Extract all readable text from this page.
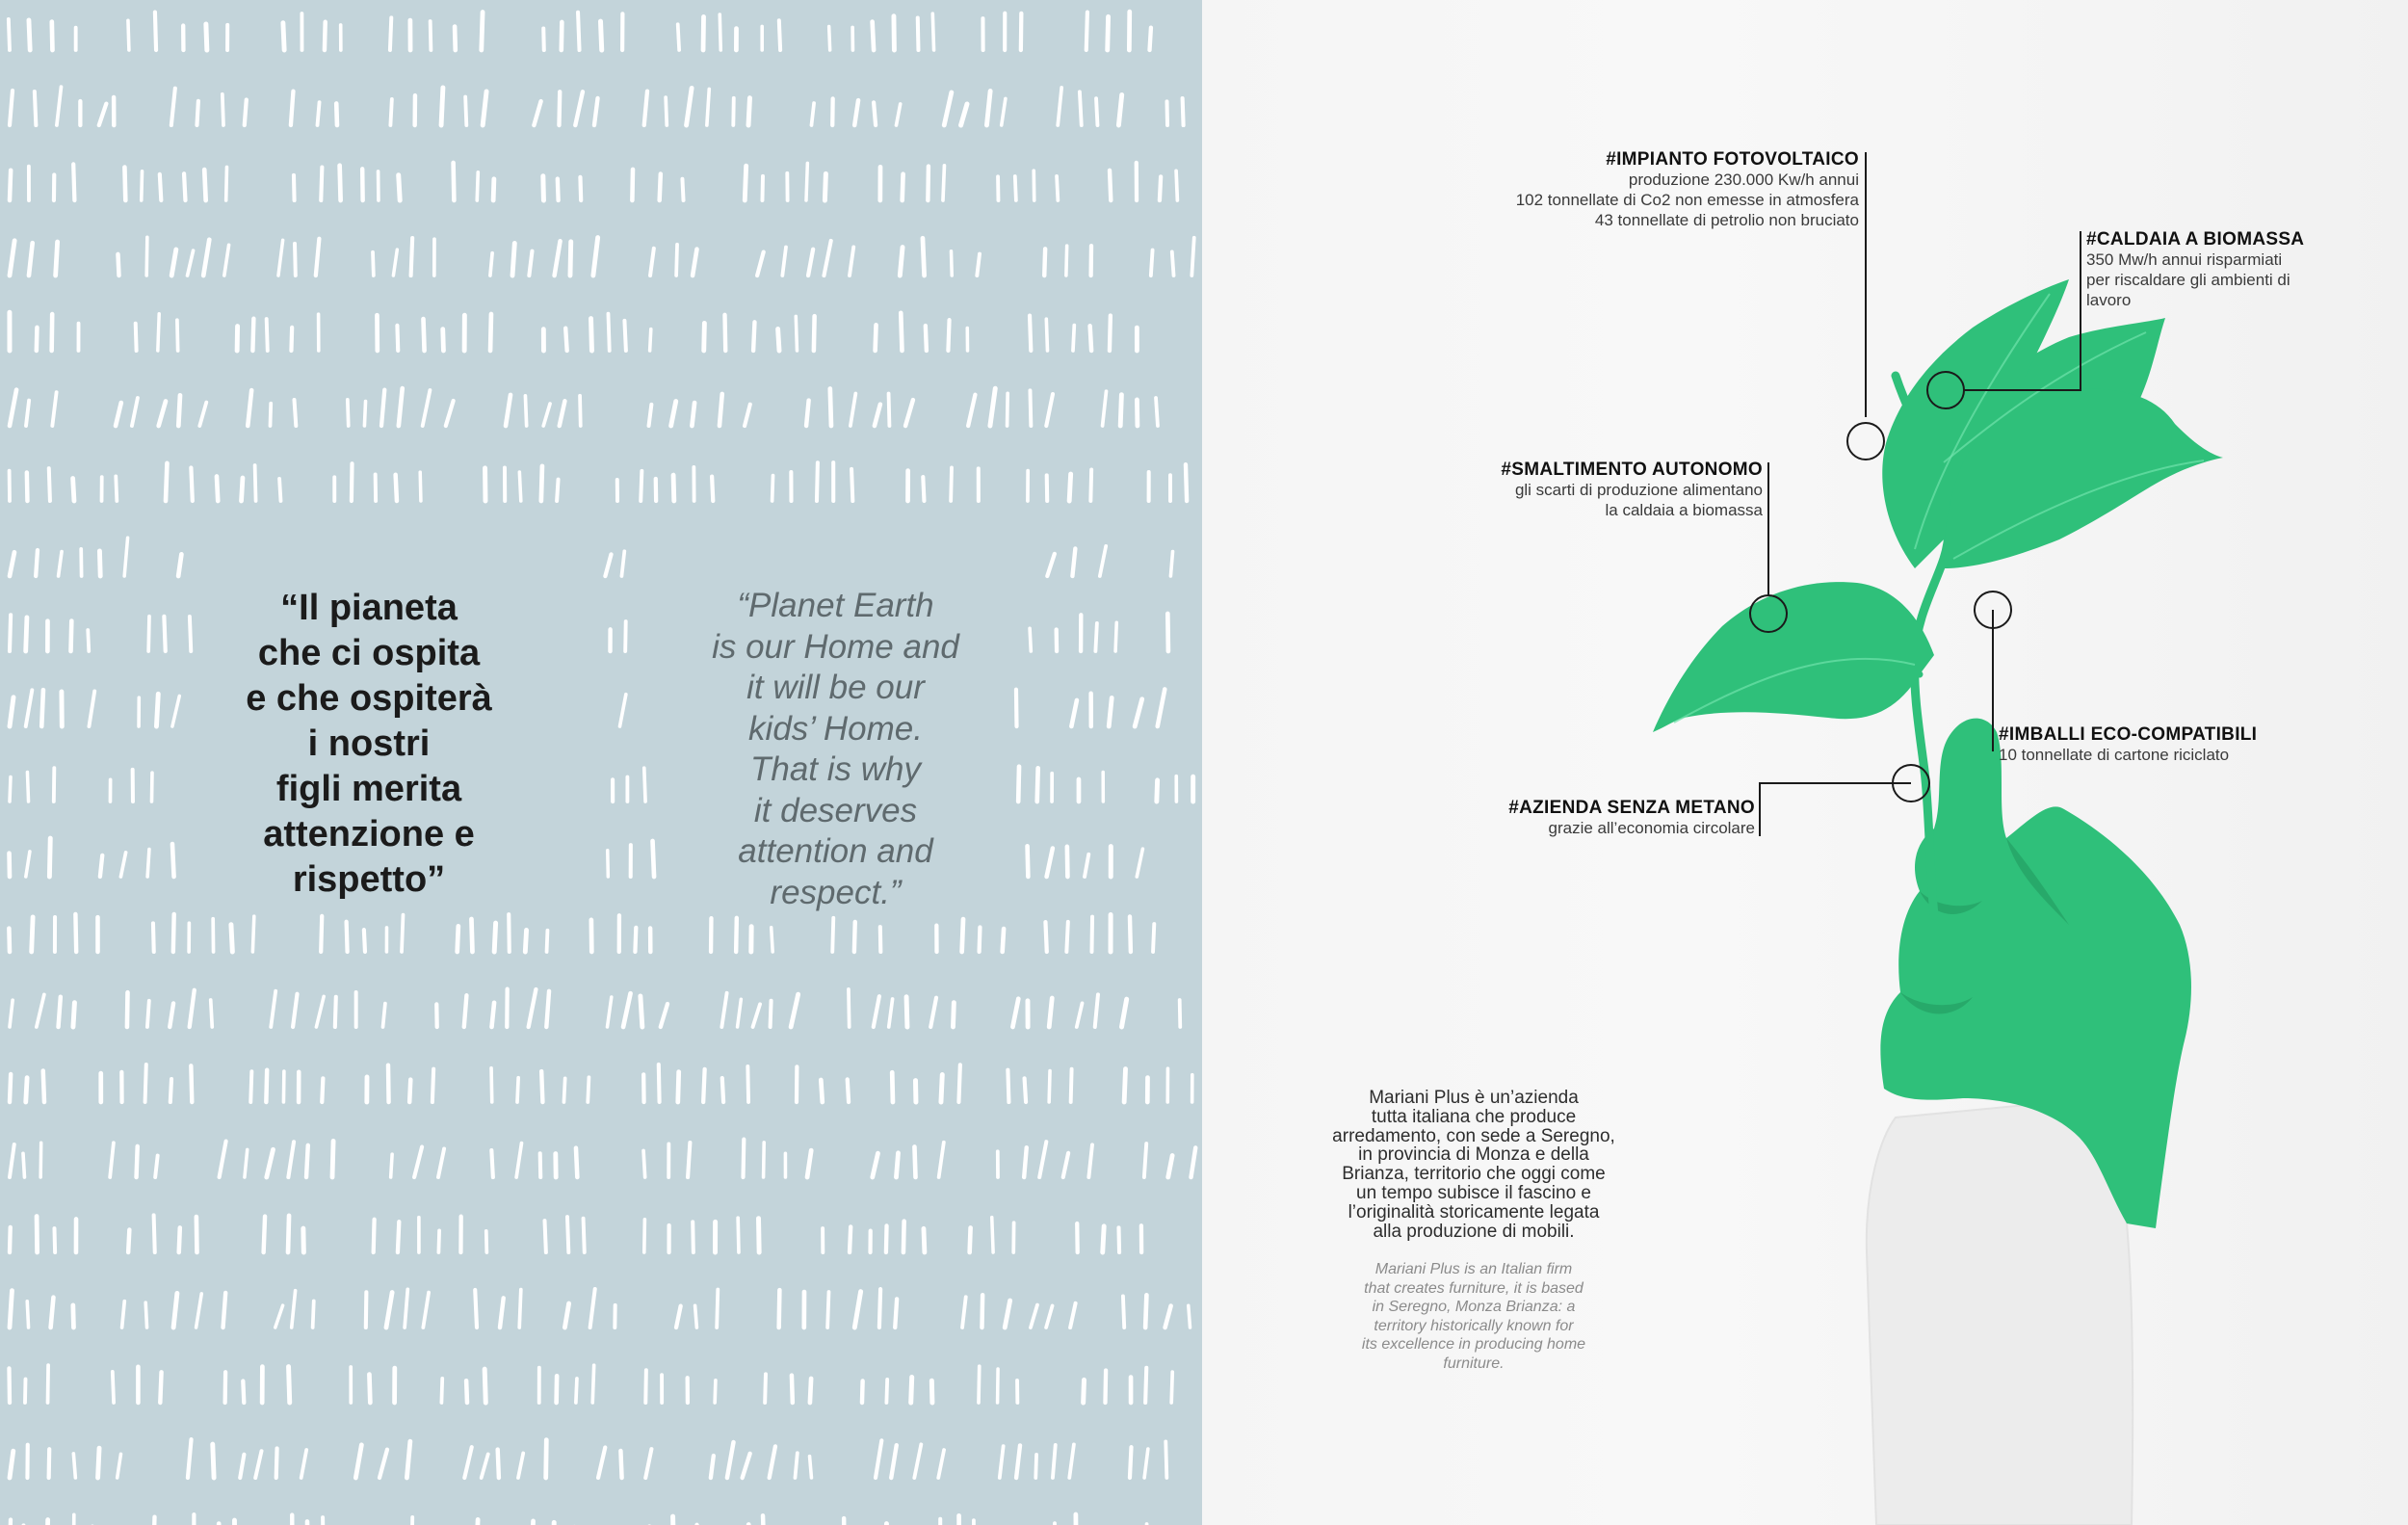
“Il pianeta
che ci ospita
e che ospiterà
i nostri
figli merita
attenzione e
rispetto”
“Planet Earth
is our Home and
it will be our
kids’ Home.
That is why
it deserves
attention and
respect.”
#IMPIANTO FOTOVOLTAICO
produzione 230.000 Kw/h annui
102 tonnellate di Co2 non emesse in atmosfera
43 tonnellate di petrolio non bruciato
#CALDAIA A BIOMASSA
350 Mw/h annui risparmiati
per riscaldare gli ambienti di
lavoro
#SMALTIMENTO AUTONOMO
gli scarti di produzione alimentano
la caldaia a biomassa
#IMBALLI ECO-COMPATIBILI
10 tonnellate di cartone riciclato
#AZIENDA SENZA METANO
grazie all’economia circolare
Mariani Plus è un’azienda
tutta italiana che produce
arredamento, con sede a Seregno,
in provincia di Monza e della
Brianza, territorio che oggi come
un tempo subisce il fascino e
l’originalità storicamente legata
alla produzione di mobili.
Mariani Plus is an Italian firm
that creates furniture, it is based
in Seregno, Monza Brianza: a
territory historically known for
its excellence in producing home
furniture.
